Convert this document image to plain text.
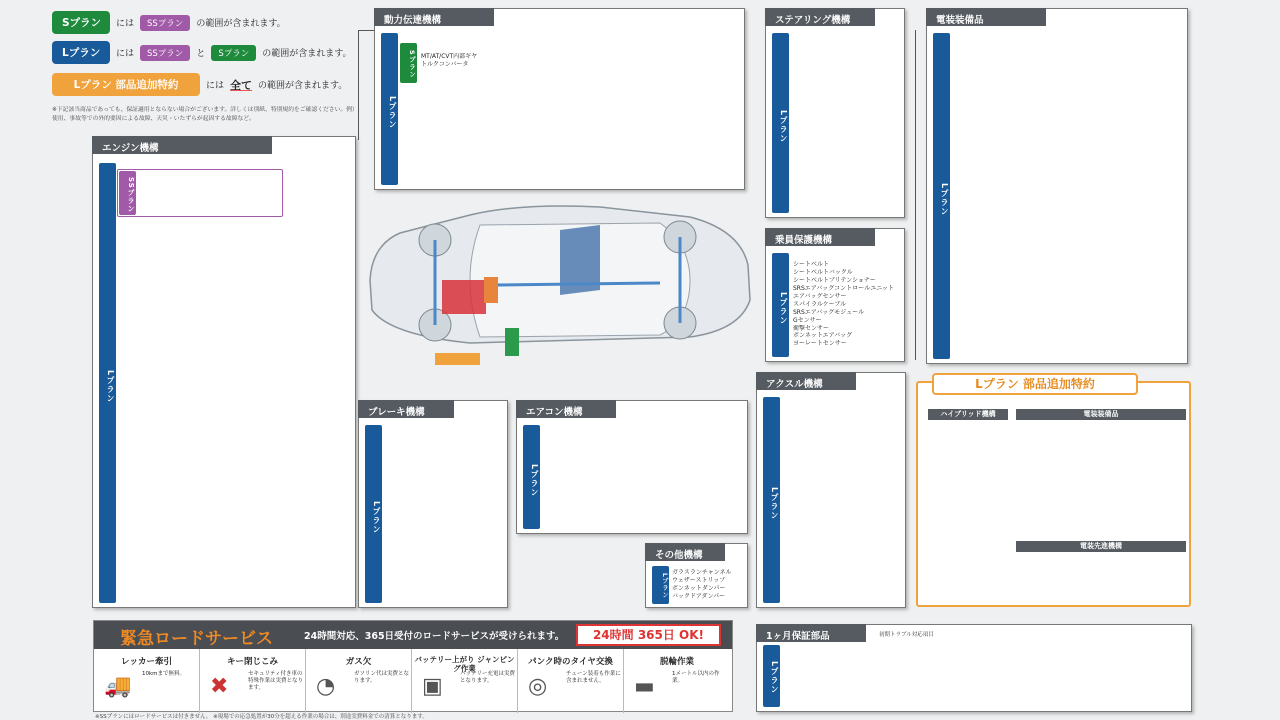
Sプラン	には	SSプラン	の範囲が含まれます。
Lプラン	には	SSプラン	と	Sプラン	の範囲が含まれます。
Lプラン 部品追加特約	には 全て の範囲が含まれます。
※下記該当商品であっても、保証適用とならない場合がございます。詳しくは別紙、特別規約をご確認ください。例）使用、事故等での外的要因による故障、天災・いたずらが起因する故障など。
エンジン機構
Lプラン
SSプラン
動力伝達機構
Lプラン
Sプラン MT/AT/CVT内部ギヤ
トルクコンバータ
ステアリング機構
Lプラン
電装装備品
Lプラン
乗員保護機構
Lプラン
シートベルト
シートベルトバックル
シートベルトプリテンショナー
SRSエアバッグコントロールユニット
エアバッグセンサー
スパイラルケーブル
SRSエアバッグモジュール
Gセンサー
衝撃センサー
ボンネットエアバッグ
ヨーレートセンサー
アクスル機構
Lプラン
ブレーキ機構
Lプラン
エアコン機構
Lプラン
その他機構
Lプラン
ガラスランチャンネル
ウェザーストリップ
ボンネットダンパー
バックドアダンパー
Lプラン 部品追加特約
ハイブリッド機構	電装装備品
電装先進機構
緊急ロードサービス	24時間対応、365日受付のロードサービスが受けられます。	24時間 365日 OK!
レッカー牽引
🚚 10kmまで無料。
キー閉じこみ
✖	セキュリティ付き車の特殊作業は実費となります。
ガス欠
◔	ガソリン代は実費となります。
バッテリー上がり ジャンピング作業
▣	バッテリー充電は実費となります。
パンク時のタイヤ交換
◎	チェーン装着も作業に含まれません。
脱輪作業
▬	1メートル以内の作業。
※SSプランにはロードサービスは付きません。 ※現場での応急処置が30分を超える作業の場合は、別途実費料金での清算となります。
1ヶ月保証部品	初期トラブル対応項目
Lプラン
